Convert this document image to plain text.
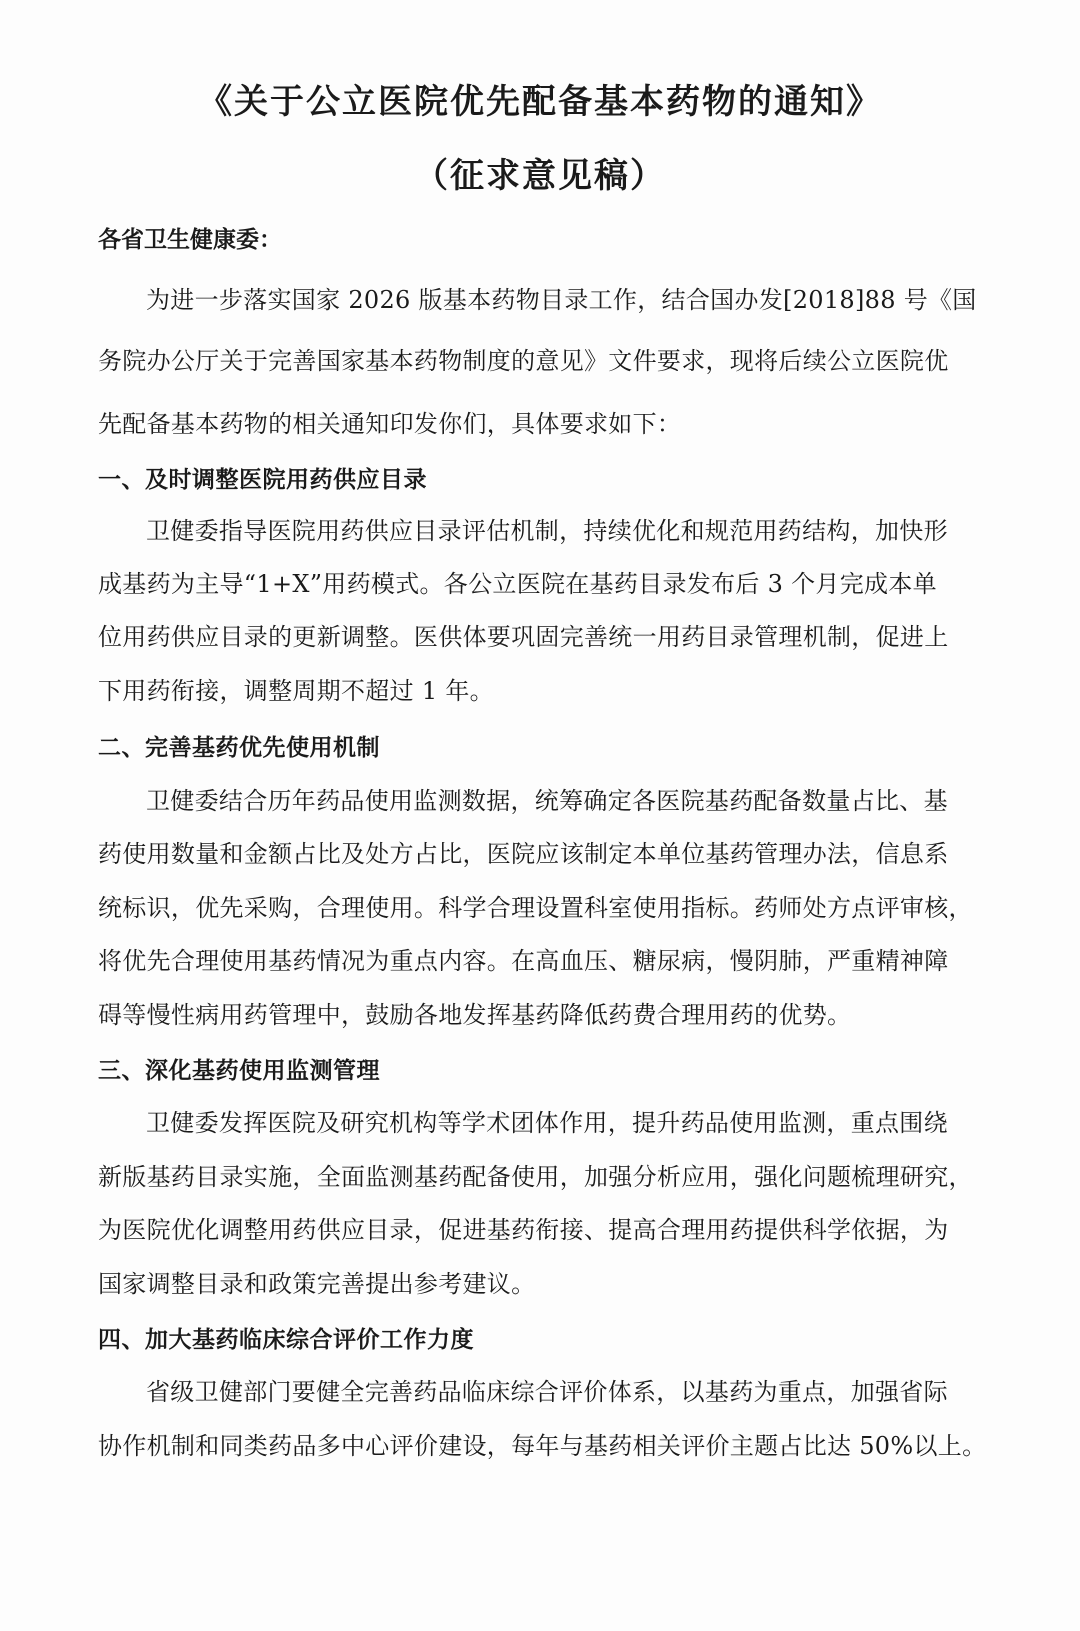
《关于公立医院优先配备基本药物的通知》
（征求意见稿）
各省卫生健康委：
为进一步落实国家 2026 版基本药物目录工作，结合国办发[2018]88 号《国
务院办公厅关于完善国家基本药物制度的意见》文件要求，现将后续公立医院优
先配备基本药物的相关通知印发你们，具体要求如下：
一、及时调整医院用药供应目录
卫健委指导医院用药供应目录评估机制，持续优化和规范用药结构，加快形
成基药为主导“1+X”用药模式。各公立医院在基药目录发布后 3 个月完成本单
位用药供应目录的更新调整。医供体要巩固完善统一用药目录管理机制，促进上
下用药衔接，调整周期不超过 1 年。
二、完善基药优先使用机制
卫健委结合历年药品使用监测数据，统筹确定各医院基药配备数量占比、基
药使用数量和金额占比及处方占比，医院应该制定本单位基药管理办法，信息系
统标识，优先采购，合理使用。科学合理设置科室使用指标。药师处方点评审核，
将优先合理使用基药情况为重点内容。在高血压、糖尿病，慢阴肺，严重精神障
碍等慢性病用药管理中，鼓励各地发挥基药降低药费合理用药的优势。
三、深化基药使用监测管理
卫健委发挥医院及研究机构等学术团体作用，提升药品使用监测，重点围绕
新版基药目录实施，全面监测基药配备使用，加强分析应用，强化问题梳理研究，
为医院优化调整用药供应目录，促进基药衔接、提高合理用药提供科学依据，为
国家调整目录和政策完善提出参考建议。
四、加大基药临床综合评价工作力度
省级卫健部门要健全完善药品临床综合评价体系，以基药为重点，加强省际
协作机制和同类药品多中心评价建设，每年与基药相关评价主题占比达 50%以上。
